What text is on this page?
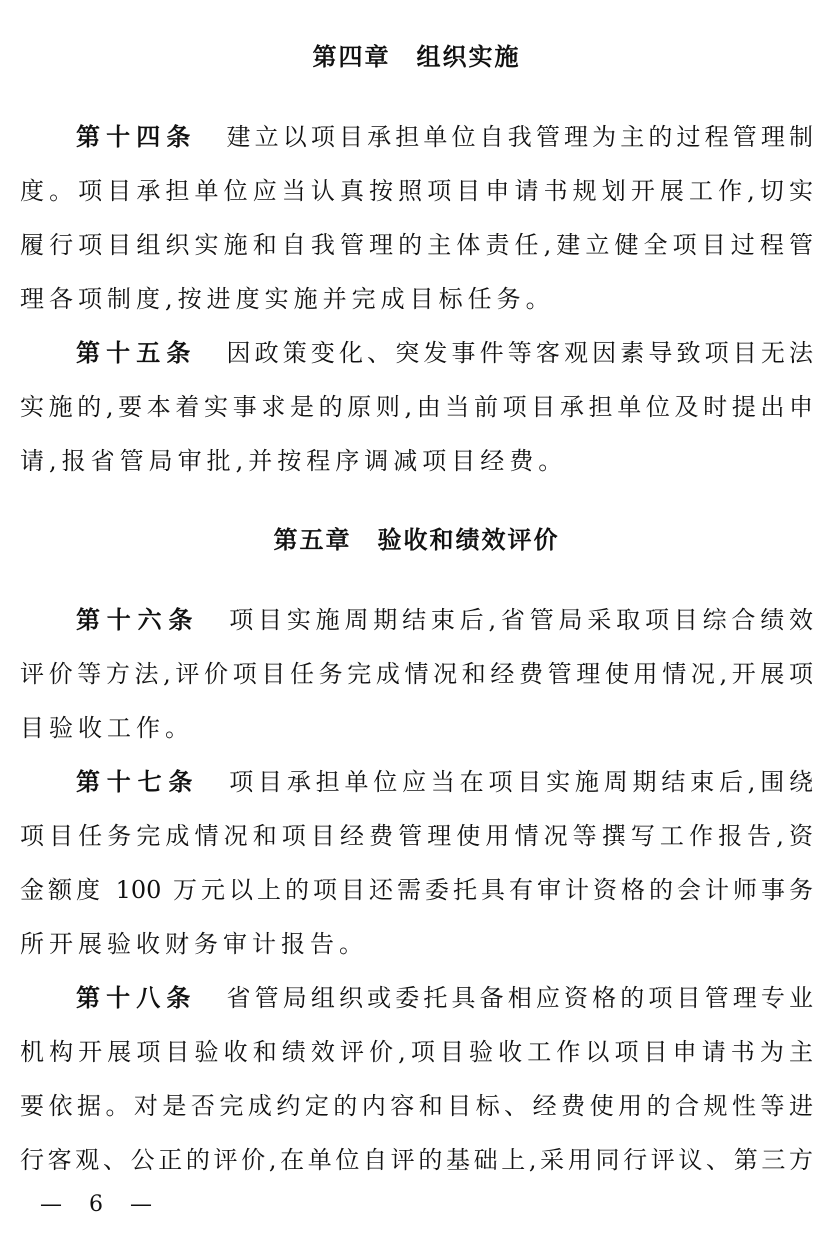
第四章　组织实施
第十四条 建立以项目承担单位自我管理为主的过程管理制
度。项目承担单位应当认真按照项目申请书规划开展工作,切实
履行项目组织实施和自我管理的主体责任,建立健全项目过程管
理各项制度,按进度实施并完成目标任务。
第十五条 因政策变化、突发事件等客观因素导致项目无法
实施的,要本着实事求是的原则,由当前项目承担单位及时提出申
请,报省管局审批,并按程序调减项目经费。
第五章　验收和绩效评价
第十六条 项目实施周期结束后,省管局采取项目综合绩效
评价等方法,评价项目任务完成情况和经费管理使用情况,开展项
目验收工作。
第十七条 项目承担单位应当在项目实施周期结束后,围绕
项目任务完成情况和项目经费管理使用情况等撰写工作报告,资
金额度 100 万元以上的项目还需委托具有审计资格的会计师事务
所开展验收财务审计报告。
第十八条 省管局组织或委托具备相应资格的项目管理专业
机构开展项目验收和绩效评价,项目验收工作以项目申请书为主
要依据。对是否完成约定的内容和目标、经费使用的合规性等进
行客观、公正的评价,在单位自评的基础上,采用同行评议、第三方
— 6 —
